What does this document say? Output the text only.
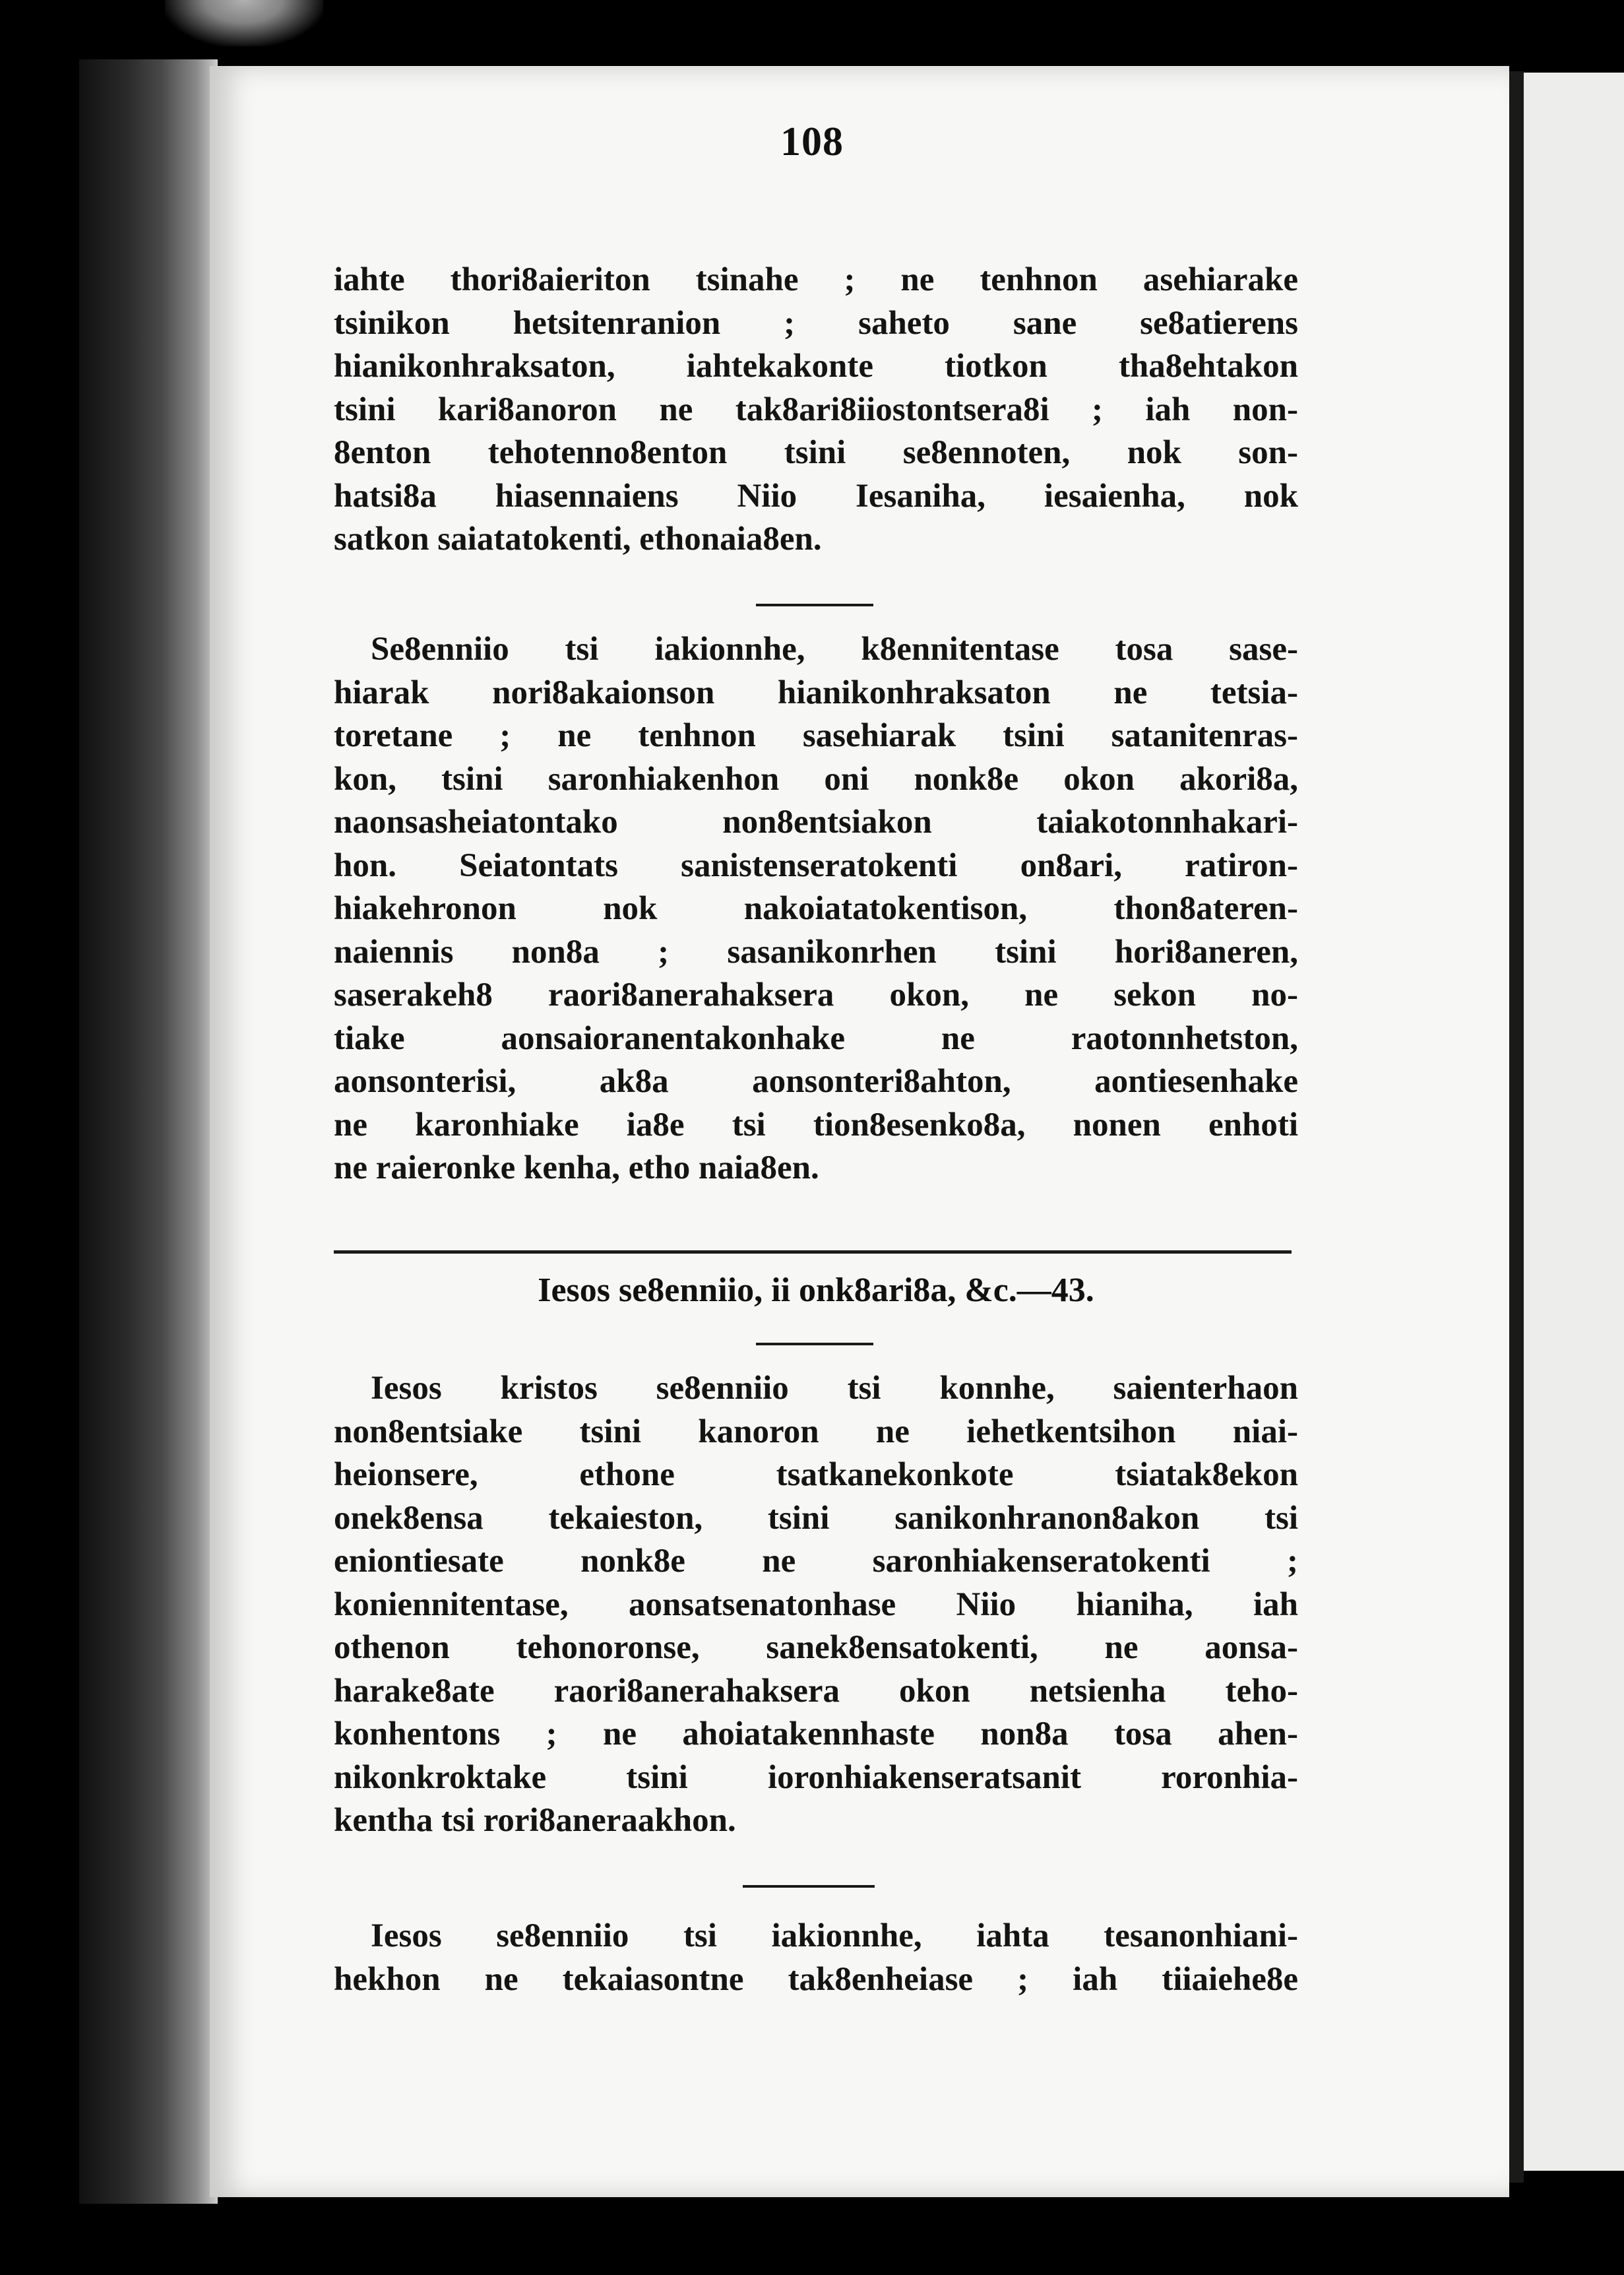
108
iahte thori8aieriton tsinahe ; ne tenhnon asehiarake
tsinikon hetsitenranion ; saheto sane se8atierens
hianikonhraksaton, iahtekakonte tiotkon tha8ehtakon
tsini kari8anoron ne tak8ari8iiostontsera8i ; iah non-
8enton tehotenno8enton tsini se8ennoten, nok son-
hatsi8a hiasennaiens Niio Iesaniha, iesaienha, nok
satkon saiatatokenti, ethonaia8en.
Se8enniio tsi iakionnhe, k8ennitentase tosa sase-
hiarak nori8akaionson hianikonhraksaton ne tetsia-
toretane ; ne tenhnon sasehiarak tsini satanitenras-
kon, tsini saronhiakenhon oni nonk8e okon akori8a,
naonsasheiatontako non8entsiakon taiakotonnhakari-
hon. Seiatontats sanistenseratokenti on8ari, ratiron-
hiakehronon nok nakoiatatokentison, thon8ateren-
naiennis non8a ; sasanikonrhen tsini hori8aneren,
saserakeh8 raori8anerahaksera okon, ne sekon no-
tiake aonsaioranentakonhake ne raotonnhetston,
aonsonterisi, ak8a aonsonteri8ahton, aontiesenhake
ne karonhiake ia8e tsi tion8esenko8a, nonen enhoti
ne raieronke kenha, etho naia8en.
Iesos se8enniio, ii onk8ari8a, &c.—43.
Iesos kristos se8enniio tsi konnhe, saienterhaon
non8entsiake tsini kanoron ne iehetkentsihon niai-
heionsere, ethone tsatkanekonkote tsiatak8ekon
onek8ensa tekaieston, tsini sanikonhranon8akon tsi
eniontiesate nonk8e ne saronhiakenseratokenti ;
koniennitentase, aonsatsenatonhase Niio hianiha, iah
othenon tehonoronse, sanek8ensatokenti, ne aonsa-
harake8ate raori8anerahaksera okon netsienha teho-
konhentons ; ne ahoiatakennhaste non8a tosa ahen-
nikonkroktake tsini ioronhiakenseratsanit roronhia-
kentha tsi rori8aneraakhon.
Iesos se8enniio tsi iakionnhe, iahta tesanonhiani-
hekhon ne tekaiasontne tak8enheiase ; iah tiiaiehe8e
